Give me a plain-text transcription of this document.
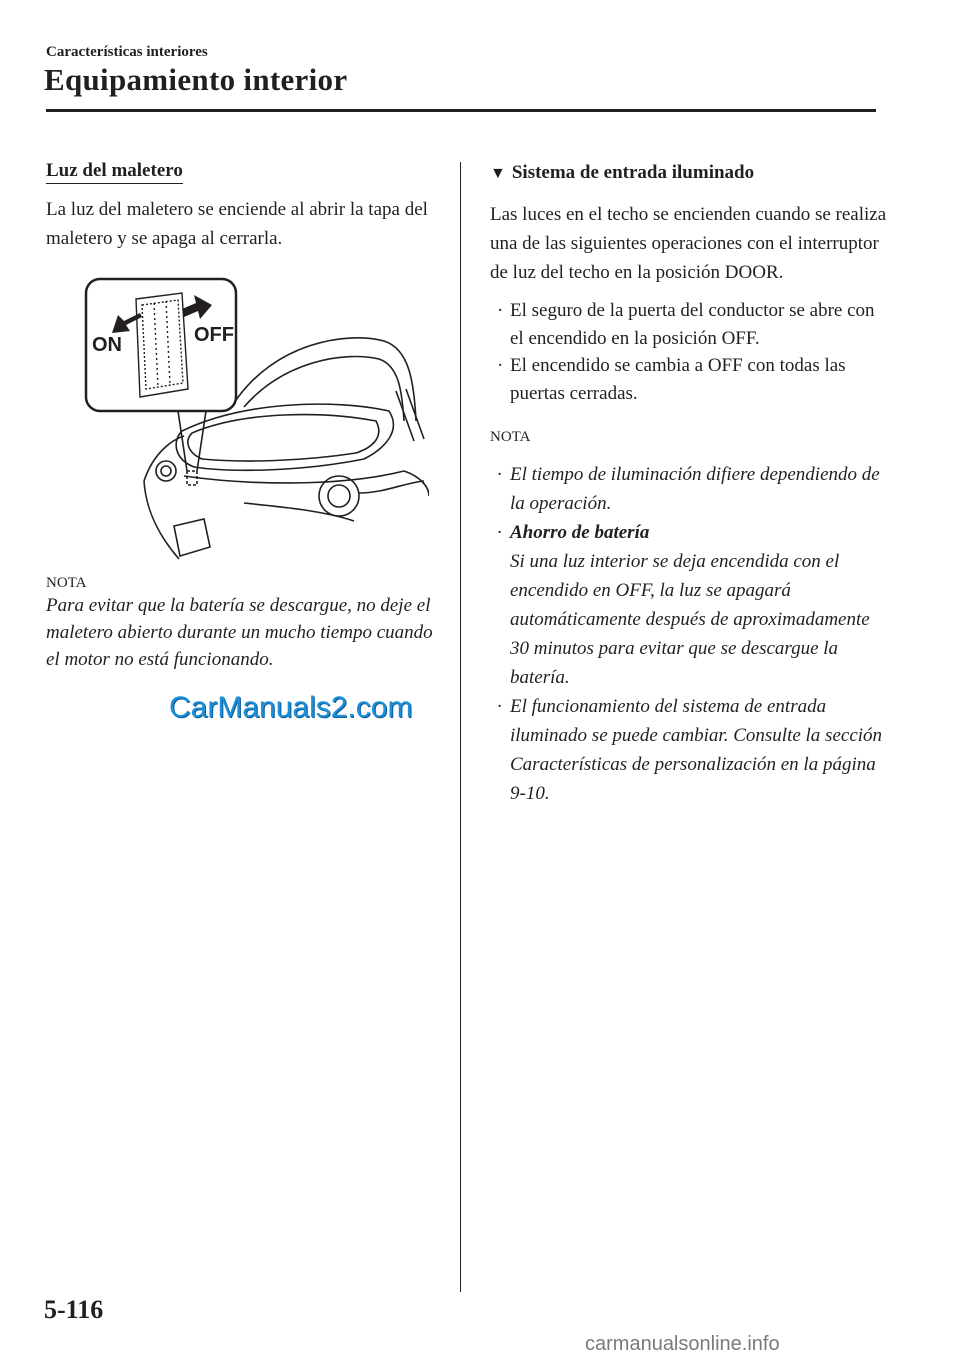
Características interiores
Equipamiento interior
Luz del maletero

La luz del maletero se enciende al abrir la tapa del maletero y se apaga al cerrarla.

ON	OFF
NOTA
Para evitar que la batería se descargue, no deje el maletero abierto durante un mucho tiempo cuando el motor no está funcionando.
CarManuals2.com
▼ Sistema de entrada iluminado

Las luces en el techo se encienden cuando se realiza una de las siguientes operaciones con el interruptor de luz del techo en la posición DOOR.

· El seguro de la puerta del conductor se abre con el encendido en la posición OFF.
· El encendido se cambia a OFF con todas las puertas cerradas.
NOTA
· El tiempo de iluminación difiere dependiendo de la operación.
· Ahorro de batería
Si una luz interior se deja encendida con el encendido en OFF, la luz se apagará automáticamente después de aproximadamente 30 minutos para evitar que se descargue la batería.
· El funcionamiento del sistema de entrada iluminado se puede cambiar. Consulte la sección Características de personalización en la página 9-10.
5-116
carmanualsonline.info
